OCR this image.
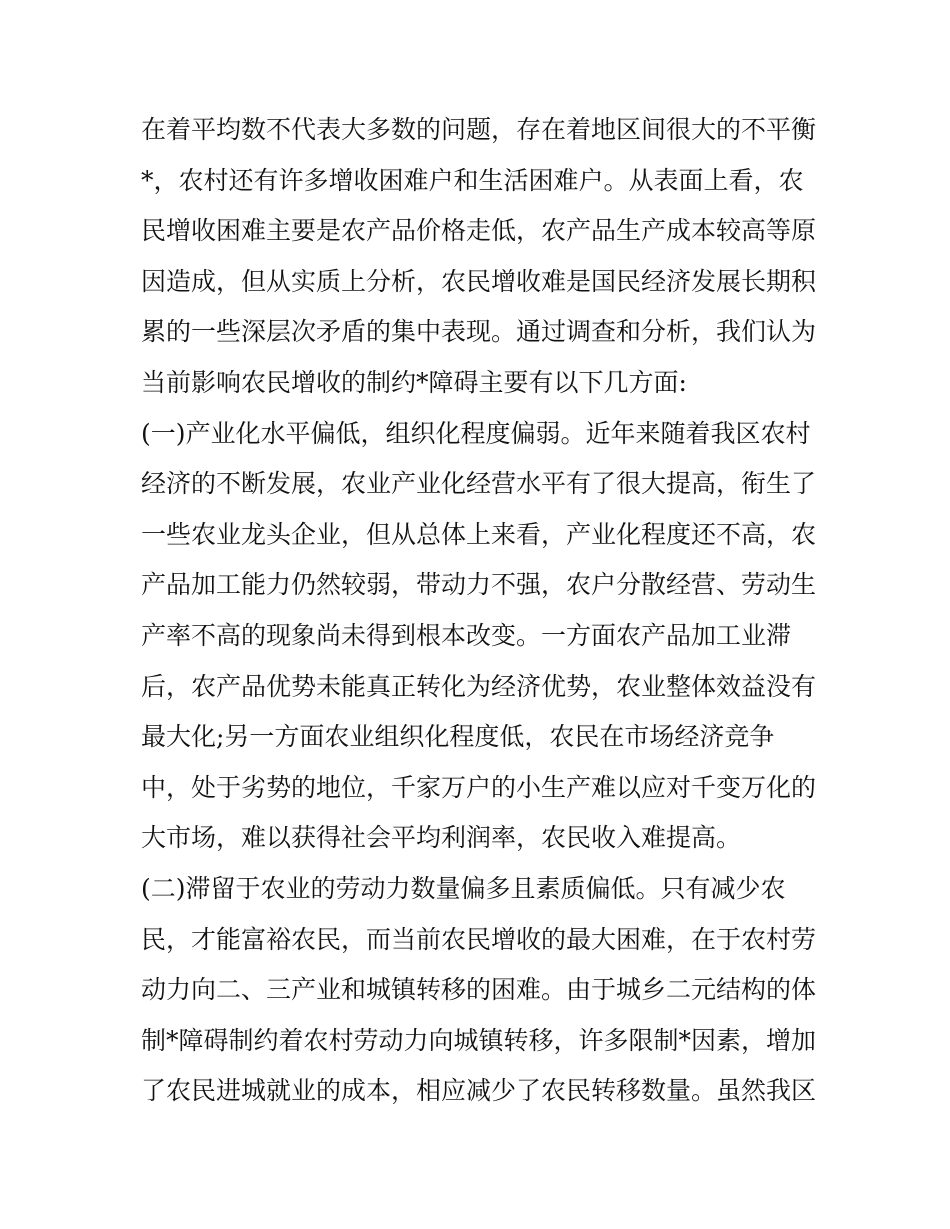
在着平均数不代表大多数的问题，存在着地区间很大的不平衡
*，农村还有许多增收困难户和生活困难户。从表面上看，农
民增收困难主要是农产品价格走低，农产品生产成本较高等原
因造成，但从实质上分析，农民增收难是国民经济发展长期积
累的一些深层次矛盾的集中表现。通过调查和分析，我们认为
当前影响农民增收的制约*障碍主要有以下几方面:
(一)产业化水平偏低，组织化程度偏弱。近年来随着我区农村
经济的不断发展，农业产业化经营水平有了很大提高，衔生了
一些农业龙头企业，但从总体上来看，产业化程度还不高，农
产品加工能力仍然较弱，带动力不强，农户分散经营、劳动生
产率不高的现象尚未得到根本改变。一方面农产品加工业滞
后，农产品优势未能真正转化为经济优势，农业整体效益没有
最大化;另一方面农业组织化程度低，农民在市场经济竞争
中，处于劣势的地位，千家万户的小生产难以应对千变万化的
大市场，难以获得社会平均利润率，农民收入难提高。
(二)滞留于农业的劳动力数量偏多且素质偏低。只有减少农
民，才能富裕农民，而当前农民增收的最大困难，在于农村劳
动力向二、三产业和城镇转移的困难。由于城乡二元结构的体
制*障碍制约着农村劳动力向城镇转移，许多限制*因素，增加
了农民进城就业的成本，相应减少了农民转移数量。虽然我区
